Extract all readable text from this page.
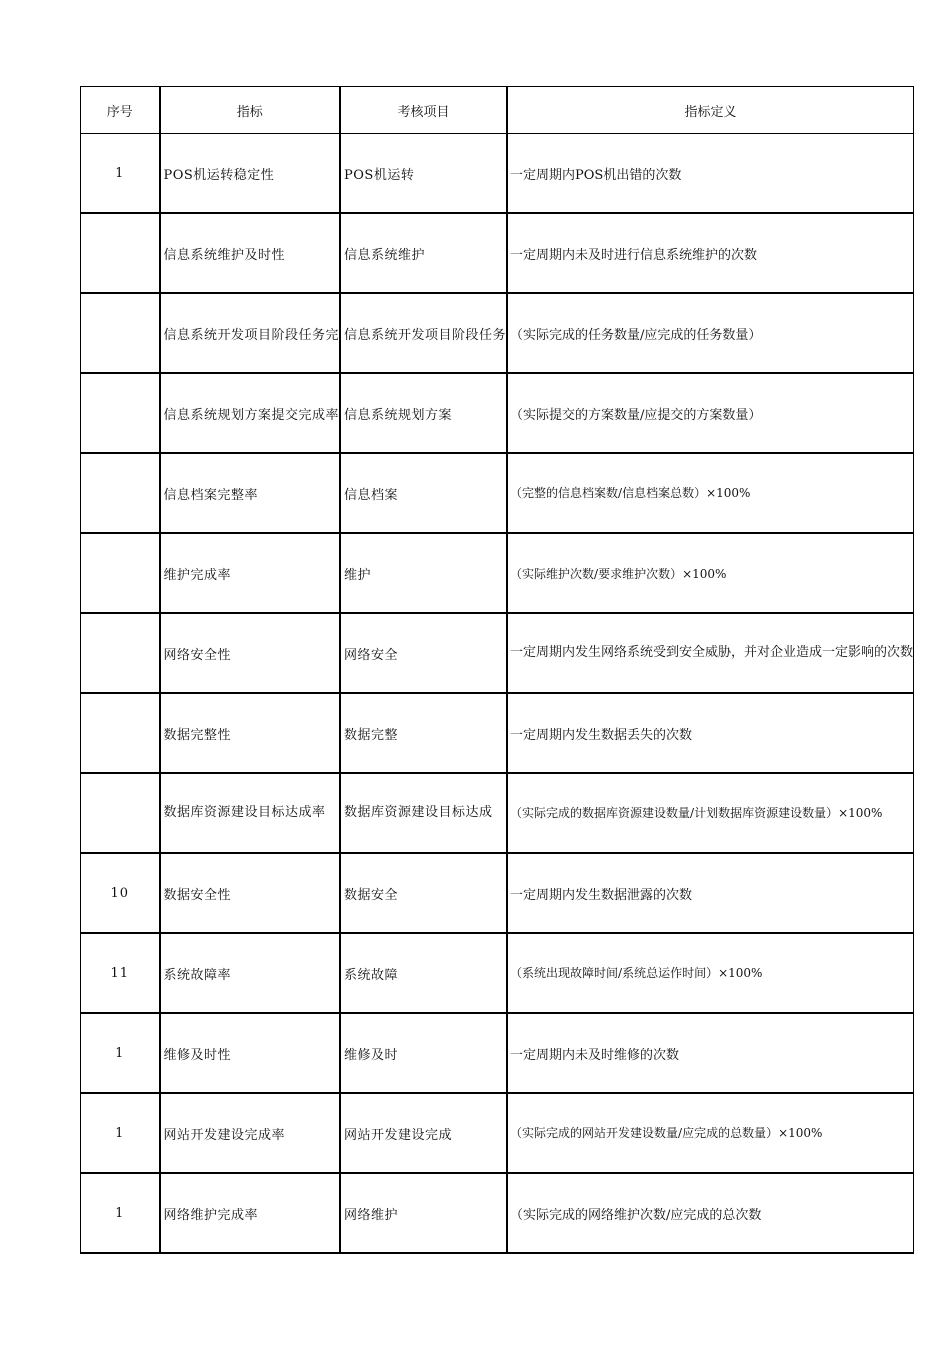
序号	指标	考核项目	指标定义
1	POS机运转稳定性	POS机运转	一定周期内POS机出错的次数
	信息系统维护及时性	信息系统维护	一定周期内未及时进行信息系统维护的次数
	信息系统开发项目阶段任务完	信息系统开发项目阶段任务	（实际完成的任务数量/应完成的任务数量）
	信息系统规划方案提交完成率	信息系统规划方案	（实际提交的方案数量/应提交的方案数量）
	信息档案完整率	信息档案	（完整的信息档案数/信息档案总数）×100%
	维护完成率	维护	（实际维护次数/要求维护次数）×100%
	网络安全性	网络安全	一定周期内发生网络系统受到安全威胁，并对企业造成一定影响的次数
	数据完整性	数据完整	一定周期内发生数据丢失的次数
	数据库资源建设目标达成率	数据库资源建设目标达成	（实际完成的数据库资源建设数量/计划数据库资源建设数量）×100%
10	数据安全性	数据安全	一定周期内发生数据泄露的次数
11	系统故障率	系统故障	（系统出现故障时间/系统总运作时间）×100%
1	维修及时性	维修及时	一定周期内未及时维修的次数
1	网站开发建设完成率	网站开发建设完成	（实际完成的网站开发建设数量/应完成的总数量）×100%
1	网络维护完成率	网络维护	（实际完成的网络维护次数/应完成的总次数
